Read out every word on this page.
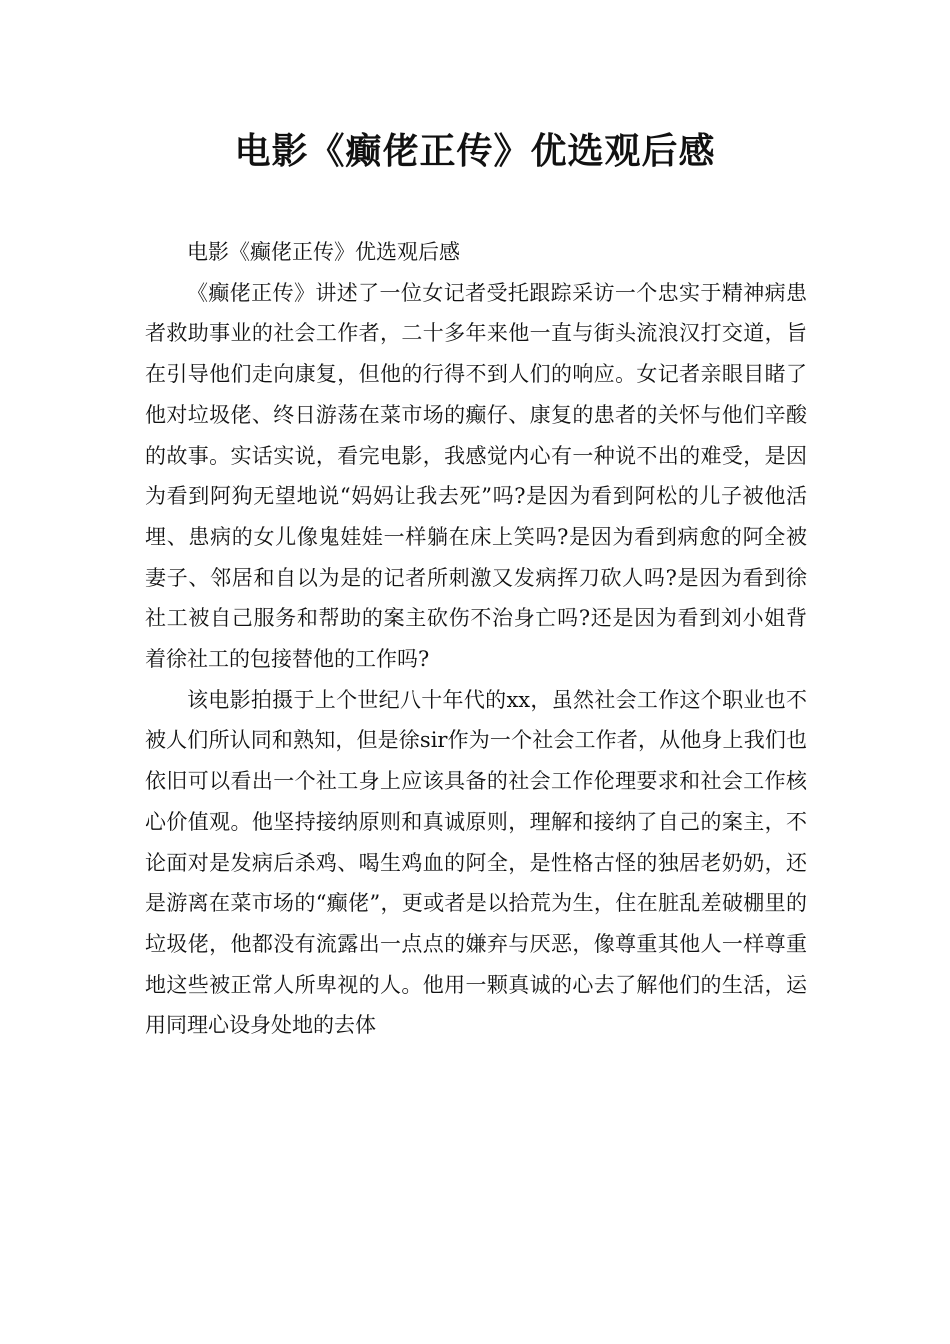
电影《癫佬正传》优选观后感

电影《癫佬正传》优选观后感

《癫佬正传》讲述了一位女记者受托跟踪采访一个忠实于精神病患者救助事业的社会工作者，二十多年来他一直与街头流浪汉打交道，旨在引导他们走向康复，但他的行得不到人们的响应。女记者亲眼目睹了他对垃圾佬、终日游荡在菜市场的癫仔、康复的患者的关怀与他们辛酸的故事。实话实说，看完电影，我感觉内心有一种说不出的难受，是因为看到阿狗无望地说“妈妈让我去死”吗?是因为看到阿松的儿子被他活埋、患病的女儿像鬼娃娃一样躺在床上笑吗?是因为看到病愈的阿全被妻子、邻居和自以为是的记者所刺激又发病挥刀砍人吗?是因为看到徐社工被自己服务和帮助的案主砍伤不治身亡吗?还是因为看到刘小姐背着徐社工的包接替他的工作吗?

该电影拍摄于上个世纪八十年代的xx，虽然社会工作这个职业也不被人们所认同和熟知，但是徐sir作为一个社会工作者，从他身上我们也依旧可以看出一个社工身上应该具备的社会工作伦理要求和社会工作核心价值观。他坚持接纳原则和真诚原则，理解和接纳了自己的案主，不论面对是发病后杀鸡、喝生鸡血的阿全，是性格古怪的独居老奶奶，还是游离在菜市场的“癫佬”，更或者是以拾荒为生，住在脏乱差破棚里的垃圾佬，他都没有流露出一点点的嫌弃与厌恶，像尊重其他人一样尊重地这些被正常人所卑视的人。他用一颗真诚的心去了解他们的生活，运用同理心设身处地的去体
